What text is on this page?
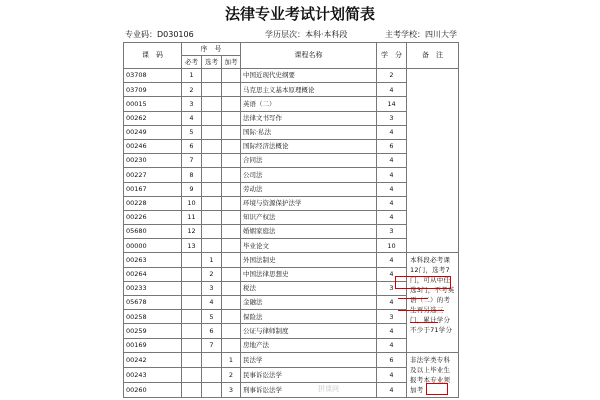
法律专业考试计划简表
专业码：D030106	学历层次：本科·本科段	主考学校：四川大学
课　码	序　号			课程名称	学　分	备　注
	必考	选考	加考			
03708	1			中国近现代史纲要	2	
03709	2			马克思主义基本原理概论	4	
00015	3			英语（二）	14	
00262	4			法律文书写作	3	
00249	5			国际·私法	4	
00246	6			国际经济法概论	6	
00230	7			合同法	4	
00227	8			公司法	4	
00167	9			劳动法	4	
00228	10			环境与资源保护法学	4	
00226	11			知识产权法	4	
05680	12			婚姻家庭法	3	
00000	13			毕业论文	10	
00263		1		外国法制史	4	本科段必考课12门，选考7门，可从中任选3门，不考英语（二）的考生再另选三门，累计学分不少于71学分
00264		2		中国法律思想史	4	
00233		3		税法	3	
05678		4		金融法	4	
00258		5		保险法	3	
00259		6		公证与律师制度	4	
00169		7		房地产法	4	
00242			1	民法学	6	非法学类专科及以上毕业生报考本专业须加考
00243			2	民事诉讼法学	4	
00260			3	刑事诉讼法学	4	
拼课网
